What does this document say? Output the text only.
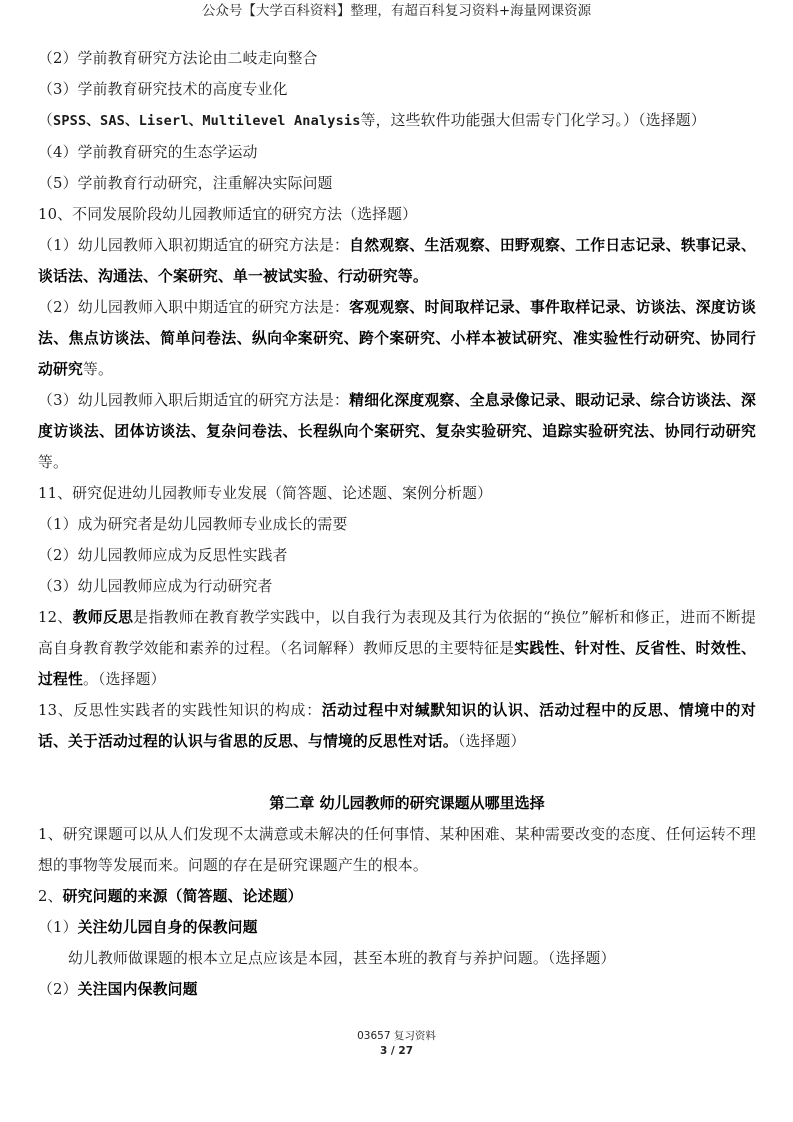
公众号【大学百科资料】整理，有超百科复习资料+海量网课资源

（2）学前教育研究方法论由二岐走向整合

（3）学前教育研究技术的高度专业化

（SPSS、SAS、Liserl、Multilevel Analysis等，这些软件功能强大但需专门化学习。）（选择题）

（4）学前教育研究的生态学运动

（5）学前教育行动研究，注重解决实际问题

10、不同发展阶段幼儿园教师适宜的研究方法（选择题）

（1）幼儿园教师入职初期适宜的研究方法是：自然观察、生活观察、田野观察、工作日志记录、轶事记录、谈话法、沟通法、个案研究、单一被试实验、行动研究等。

（2）幼儿园教师入职中期适宜的研究方法是：客观观察、时间取样记录、事件取样记录、访谈法、深度访谈法、焦点访谈法、简单问卷法、纵向伞案研究、跨个案研究、小样本被试研究、准实验性行动研究、协同行动研究等。

（3）幼儿园教师入职后期适宜的研究方法是：精细化深度观察、全息录像记录、眼动记录、综合访谈法、深度访谈法、团体访谈法、复杂问卷法、长程纵向个案研究、复杂实验研究、追踪实验研究法、协同行动研究等。

11、研究促进幼儿园教师专业发展（简答题、论述题、案例分析题）

（1）成为研究者是幼儿园教师专业成长的需要

（2）幼儿园教师应成为反思性实践者

（3）幼儿园教师应成为行动研究者

12、教师反思是指教师在教育教学实践中，以自我行为表现及其行为依据的“换位”解析和修正，进而不断提高自身教育教学效能和素养的过程。（名词解释）教师反思的主要特征是实践性、针对性、反省性、时效性、过程性。（选择题）

13、反思性实践者的实践性知识的构成：活动过程中对缄默知识的认识、活动过程中的反思、情境中的对话、关于活动过程的认识与省思的反思、与情境的反思性对话。（选择题）

第二章 幼儿园教师的研究课题从哪里选择

1、研究课题可以从人们发现不太满意或未解决的任何事情、某种困难、某种需要改变的态度、任何运转不理想的事物等发展而来。问题的存在是研究课题产生的根本。

2、研究问题的来源（简答题、论述题）

（1）关注幼儿园自身的保教问题

幼儿教师做课题的根本立足点应该是本园，甚至本班的教育与养护问题。（选择题）

（2）关注国内保教问题

03657 复习资料
3 / 27
